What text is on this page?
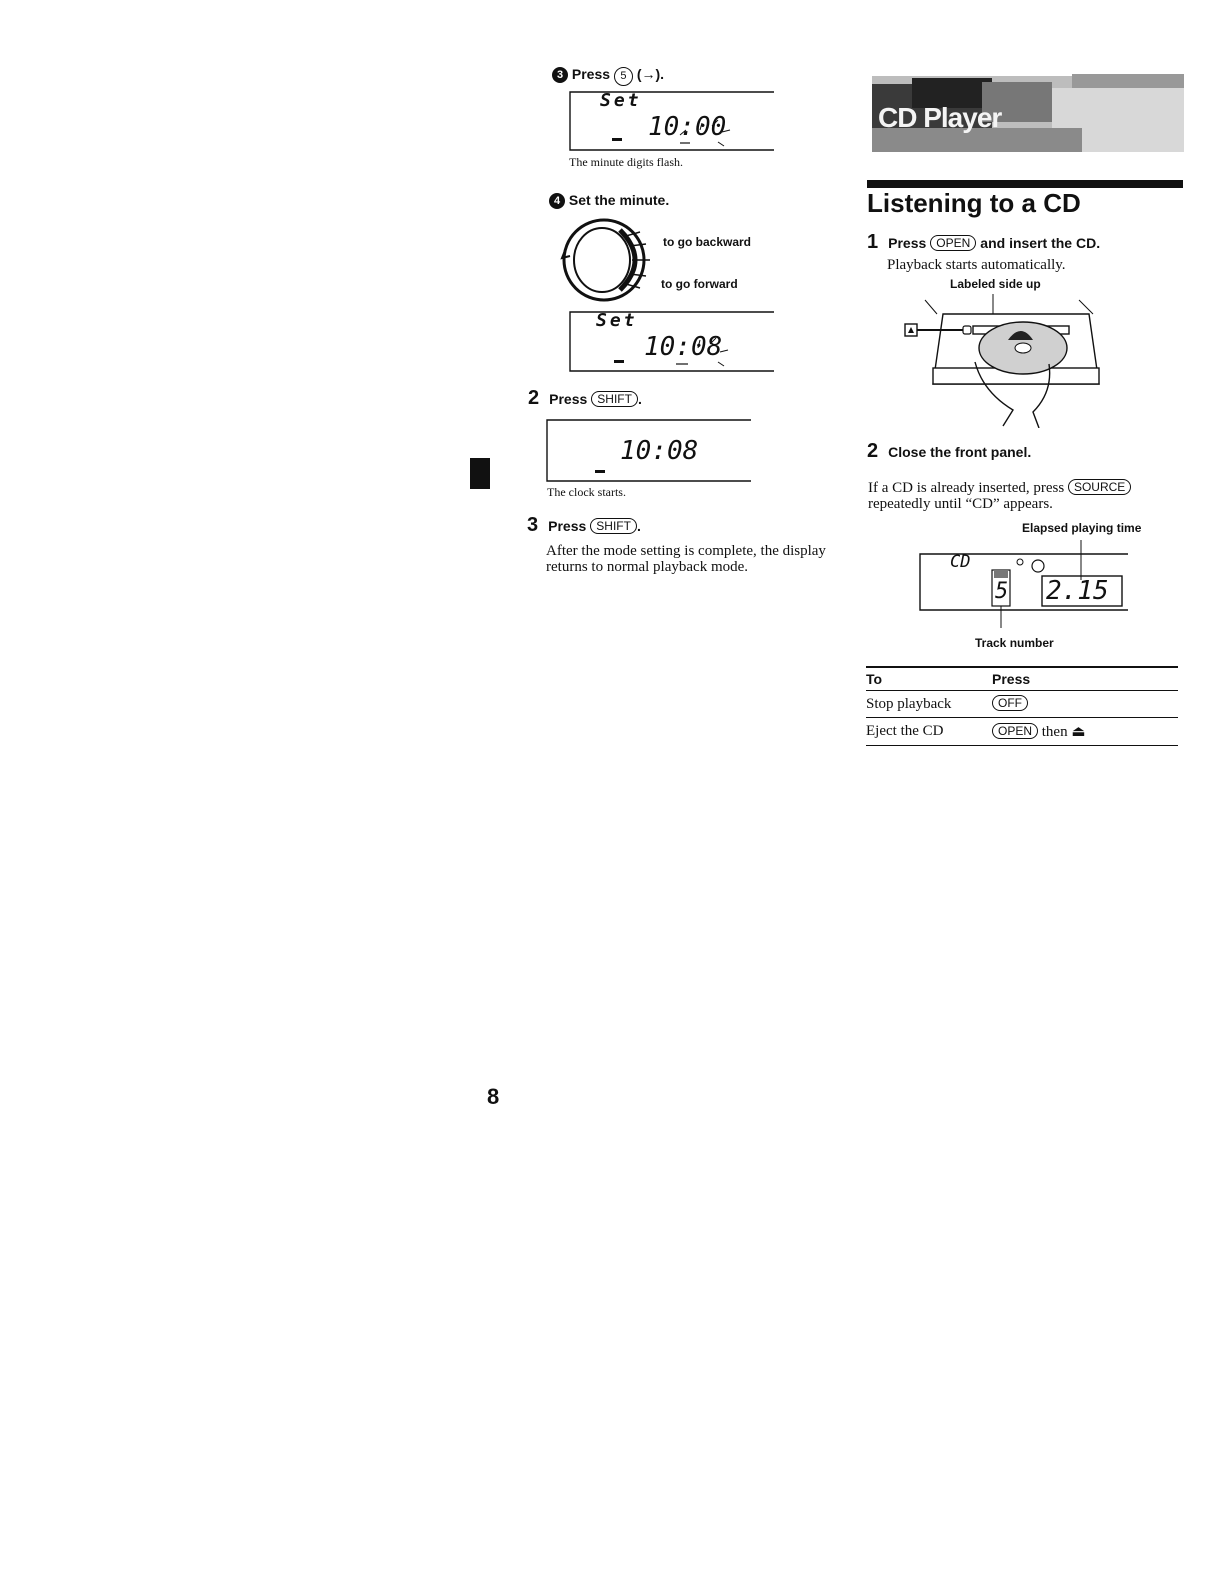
3 Press 5 (→).
Set
10:00
The minute digits flash.
4 Set the minute.
to go backward
to go forward
Set
10:08
2 Press SHIFT .
10:08
The clock starts.
3 Press SHIFT .
After the mode setting is complete, the display returns to normal playback mode.
CD Player
Listening to a CD
1 Press OPEN and insert the CD.
Playback starts automatically.
Labeled side up
2 Close the front panel.
If a CD is already inserted, press SOURCE repeatedly until “CD” appears.
Elapsed playing time
CD
5 2.15
Track number
To	Press
Stop playback	OFF
Eject the CD	OPEN then ⏏
8
